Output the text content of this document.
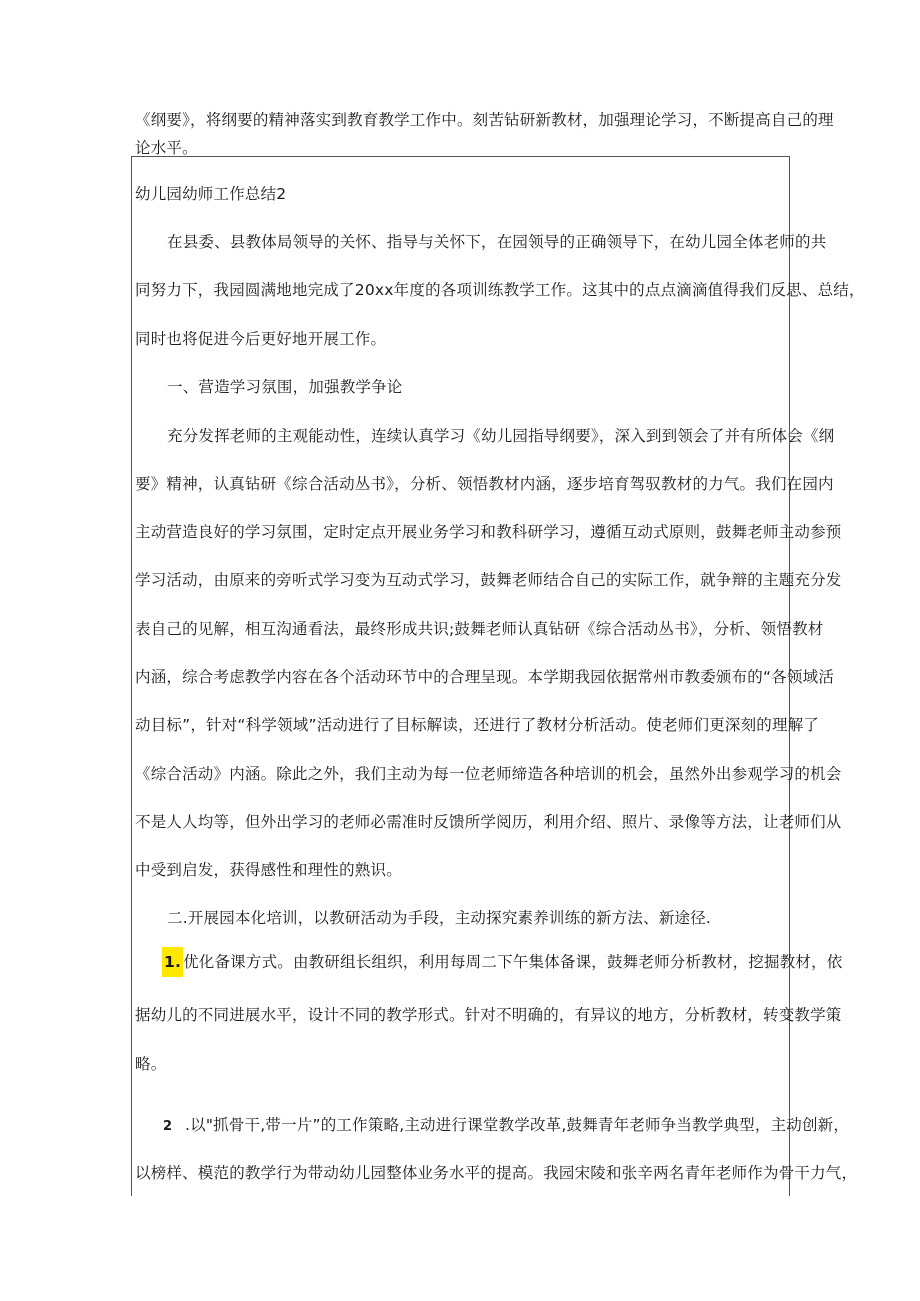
《纲要》，将纲要的精神落实到教育教学工作中。刻苦钻研新教材，加强理论学习，不断提高自己的理
论水平。
幼儿园幼师工作总结2
在县委、县教体局领导的关怀、指导与关怀下，在园领导的正确领导下，在幼儿园全体老师的共
同努力下，我园圆满地地完成了20xx年度的各项训练教学工作。这其中的点点滴滴值得我们反思、总结，
同时也将促进今后更好地开展工作。
一、营造学习氛围，加强教学争论
充分发挥老师的主观能动性，连续认真学习《幼儿园指导纲要》，深入到到领会了并有所体会《纲
要》精神，认真钻研《综合活动丛书》，分析、领悟教材内涵，逐步培育驾驭教材的力气。我们在园内
主动营造良好的学习氛围，定时定点开展业务学习和教科研学习，遵循互动式原则，鼓舞老师主动参预
学习活动，由原来的旁听式学习变为互动式学习，鼓舞老师结合自己的实际工作，就争辩的主题充分发
表自己的见解，相互沟通看法，最终形成共识;鼓舞老师认真钻研《综合活动丛书》，分析、领悟教材
内涵，综合考虑教学内容在各个活动环节中的合理呈现。本学期我园依据常州市教委颁布的“各领域活
动目标”，针对“科学领域”活动进行了目标解读，还进行了教材分析活动。使老师们更深刻的理解了
《综合活动》内涵。除此之外，我们主动为每一位老师缔造各种培训的机会，虽然外出参观学习的机会
不是人人均等，但外出学习的老师必需准时反馈所学阅历，利用介绍、照片、录像等方法，让老师们从
中受到启发，获得感性和理性的熟识。
二.开展园本化培训，以教研活动为手段，主动探究素养训练的新方法、新途径.
1. 优化备课方式。由教研组长组织，利用每周二下午集体备课，鼓舞老师分析教材，挖掘教材，依
据幼儿的不同进展水平，设计不同的教学形式。针对不明确的，有异议的地方，分析教材，转变教学策
略。
2 .以"抓骨干,带一片”的工作策略,主动进行课堂教学改革,鼓舞青年老师争当教学典型，主动创新，
以榜样、模范的教学行为带动幼儿园整体业务水平的提高。我园宋陵和张辛两名青年老师作为骨干力气，
